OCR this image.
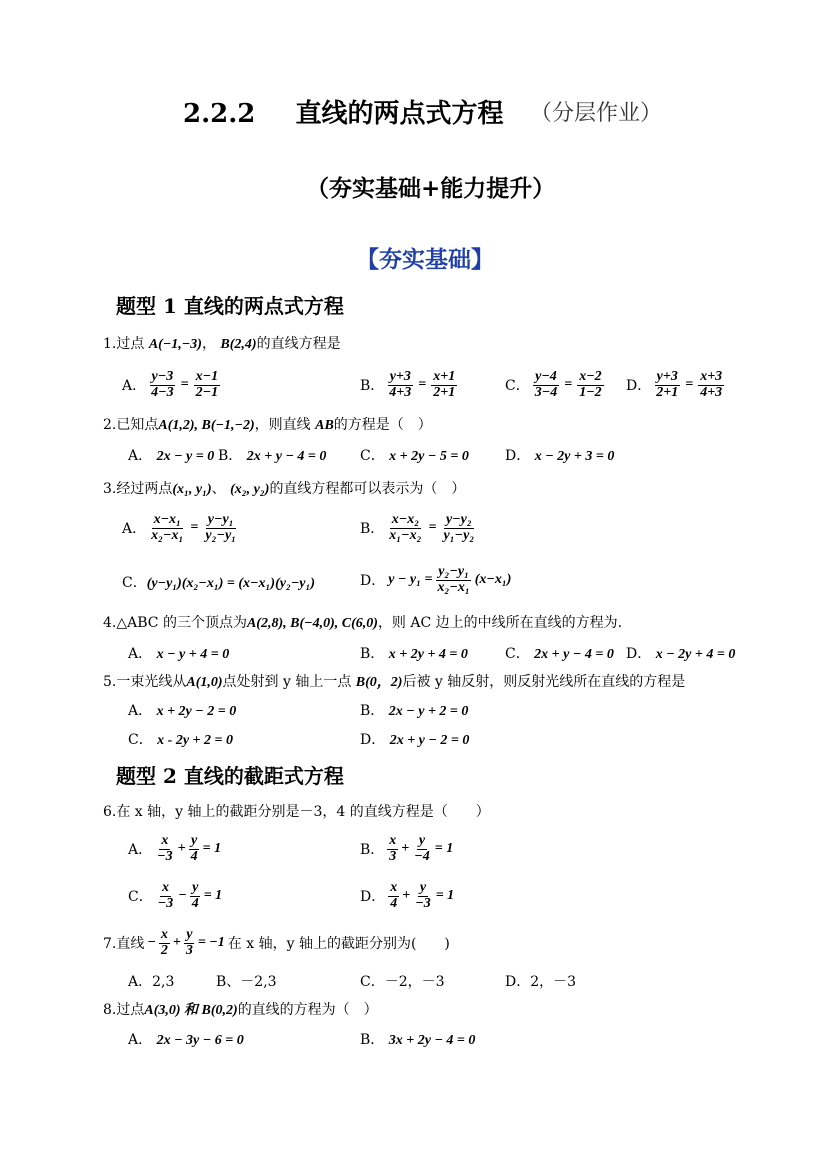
2.2.2 直线的两点式方程 （分层作业）
（夯实基础+能力提升）
【夯实基础】
题型 1 直线的两点式方程
1.过点 A(−1,−3)， B(2,4)的直线方程是
A． $\frac{y-3}{4-3} = \frac{x-1}{2-1}$	B． $\frac{y+3}{4+3} = \frac{x+1}{2+1}$	C． $\frac{y-4}{3-4} = \frac{x-2}{1-2}$ D． $\frac{y+3}{2+1} = \frac{x+3}{4+3}$
2.已知点A(1,2), B(−1,−2)，则直线 AB的方程是（　）
A． 2x − y = 0 B． 2x + y − 4 = 0 C． x + 2y − 5 = 0	D． x − 2y + 3 = 0
3.经过两点(x₁, y₁)、 (x₂, y₂)的直线方程都可以表示为（　）
A． $\frac{\text{x−x₁}}{\text{x₂−x₁}} = \frac{\text{y−y₁}}{\text{y₂−y₁}}$	B． $\frac{\text{x−x₂}}{\text{x₁−x₂}} = \frac{\text{y−y₂}}{\text{y₁−y₂}}$
C．(y−y₁)(x₂−x₁) = (x−x₁)(y₂−y₁)	D． $y - y_1 = \frac{\text{y₂−y₁}}{\text{x₂−x₁}} (x-x_1)$
4.△ABC 的三个顶点为A(2,8), B(−4,0), C(6,0)，则 AC 边上的中线所在直线的方程为.
A． x − y + 4 = 0	B． x + 2y + 4 = 0	C． 2x + y − 4 = 0 D． x − 2y + 4 = 0
5.一束光线从A(1,0)点处射到 y 轴上一点 B(0，2)后被 y 轴反射，则反射光线所在直线的方程是
A． x + 2y − 2 = 0	B． 2x − y + 2 = 0
C． x - 2y + 2 = 0	D． 2x + y − 2 = 0
题型 2 直线的截距式方程
6.在 x 轴，y 轴上的截距分别是－3，4 的直线方程是（　　）
A． $\frac{x}{-3} + \frac{y}{4} = 1$	B． $\frac{x}{3} + \frac{y}{-4} = 1$
C． $\frac{x}{-3} - \frac{y}{4} = 1$	D． $\frac{x}{4} + \frac{y}{-3} = 1$
7.直线 − $\frac{x}{2} + \frac{y}{3} = -1$ 在 x 轴，y 轴上的截距分别为(　　)
A．2,3	B、－2,3	C．－2，－3	D．2，－3
8.过点A(3,0) 和 B(0,2)的直线的方程为（　）
A． 2x − 3y − 6 = 0	B． 3x + 2y − 4 = 0
